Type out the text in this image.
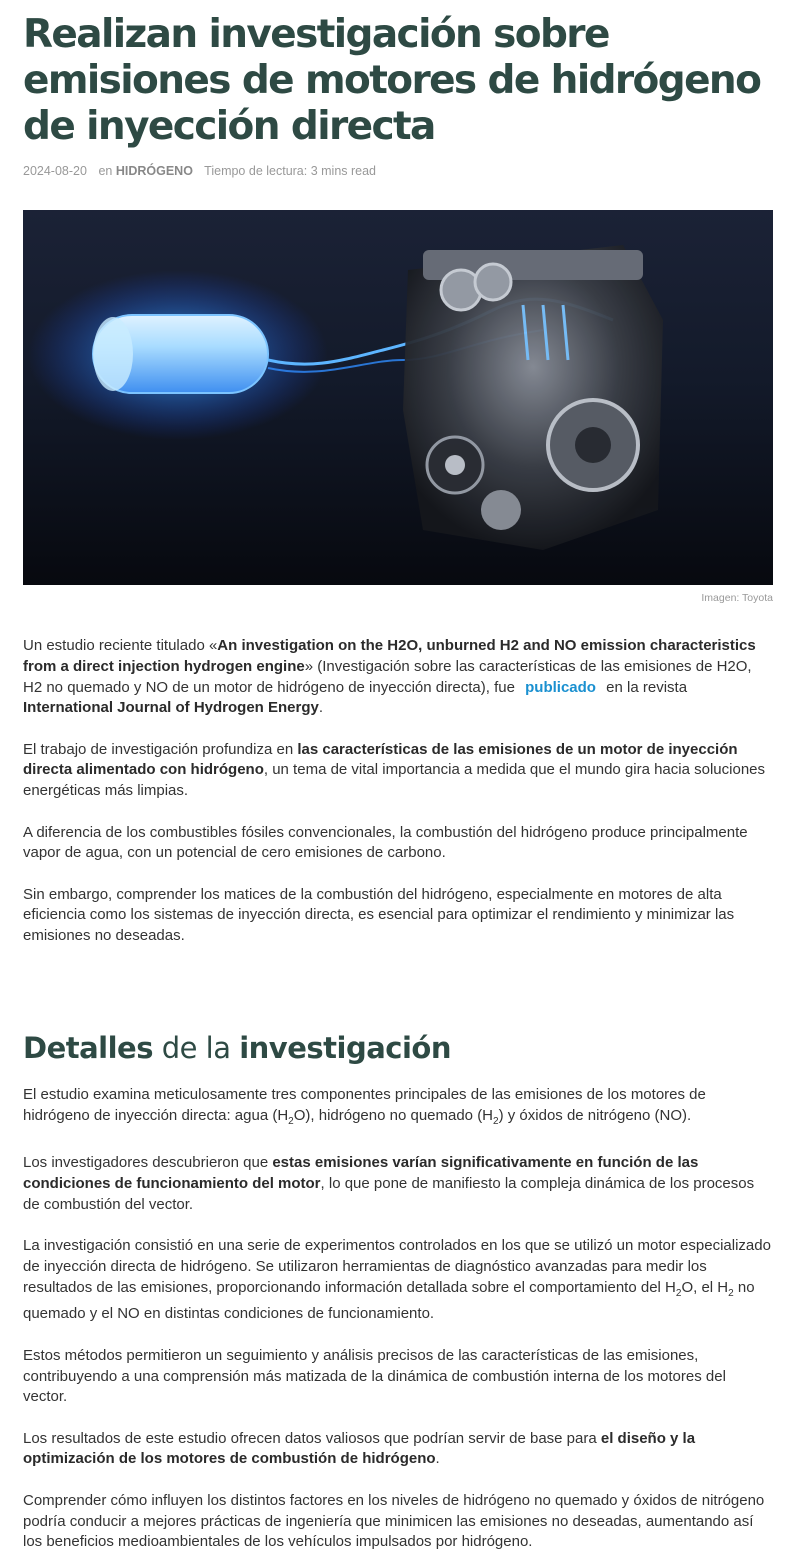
Realizan investigación sobre emisiones de motores de hidrógeno de inyección directa
2024-08-20 en HIDRÓGENO Tiempo de lectura: 3 mins read
Imagen: Toyota

Un estudio reciente titulado «An investigation on the H2O, unburned H2 and NO emission characteristics from a direct injection hydrogen engine» (Investigación sobre las características de las emisiones de H2O, H2 no quemado y NO de un motor de hidrógeno de inyección directa), fue publicado en la revista International Journal of Hydrogen Energy.

El trabajo de investigación profundiza en las características de las emisiones de un motor de inyección directa alimentado con hidrógeno, un tema de vital importancia a medida que el mundo gira hacia soluciones energéticas más limpias.

A diferencia de los combustibles fósiles convencionales, la combustión del hidrógeno produce principalmente vapor de agua, con un potencial de cero emisiones de carbono.

Sin embargo, comprender los matices de la combustión del hidrógeno, especialmente en motores de alta eficiencia como los sistemas de inyección directa, es esencial para optimizar el rendimiento y minimizar las emisiones no deseadas.

Detalles de la investigación

El estudio examina meticulosamente tres componentes principales de las emisiones de los motores de hidrógeno de inyección directa: agua $(H_2O)$, hidrógeno no quemado $(H_2)$ y óxidos de nitrógeno (NO).

Los investigadores descubrieron que estas emisiones varían significativamente en función de las condiciones de funcionamiento del motor, lo que pone de manifiesto la compleja dinámica de los procesos de combustión del vector.

La investigación consistió en una serie de experimentos controlados en los que se utilizó un motor especializado de inyección directa de hidrógeno. Se utilizaron herramientas de diagnóstico avanzadas para medir los resultados de las emisiones, proporcionando información detallada sobre el comportamiento del $H_2O$, el $H_2$ no quemado y el NO en distintas condiciones de funcionamiento.

Estos métodos permitieron un seguimiento y análisis precisos de las características de las emisiones, contribuyendo a una comprensión más matizada de la dinámica de combustión interna de los motores del vector.

Los resultados de este estudio ofrecen datos valiosos que podrían servir de base para el diseño y la optimización de los motores de combustión de hidrógeno.

Comprender cómo influyen los distintos factores en los niveles de hidrógeno no quemado y óxidos de nitrógeno podría conducir a mejores prácticas de ingeniería que minimicen las emisiones no deseadas, aumentando así los beneficios medioambientales de los vehículos impulsados por hidrógeno.
